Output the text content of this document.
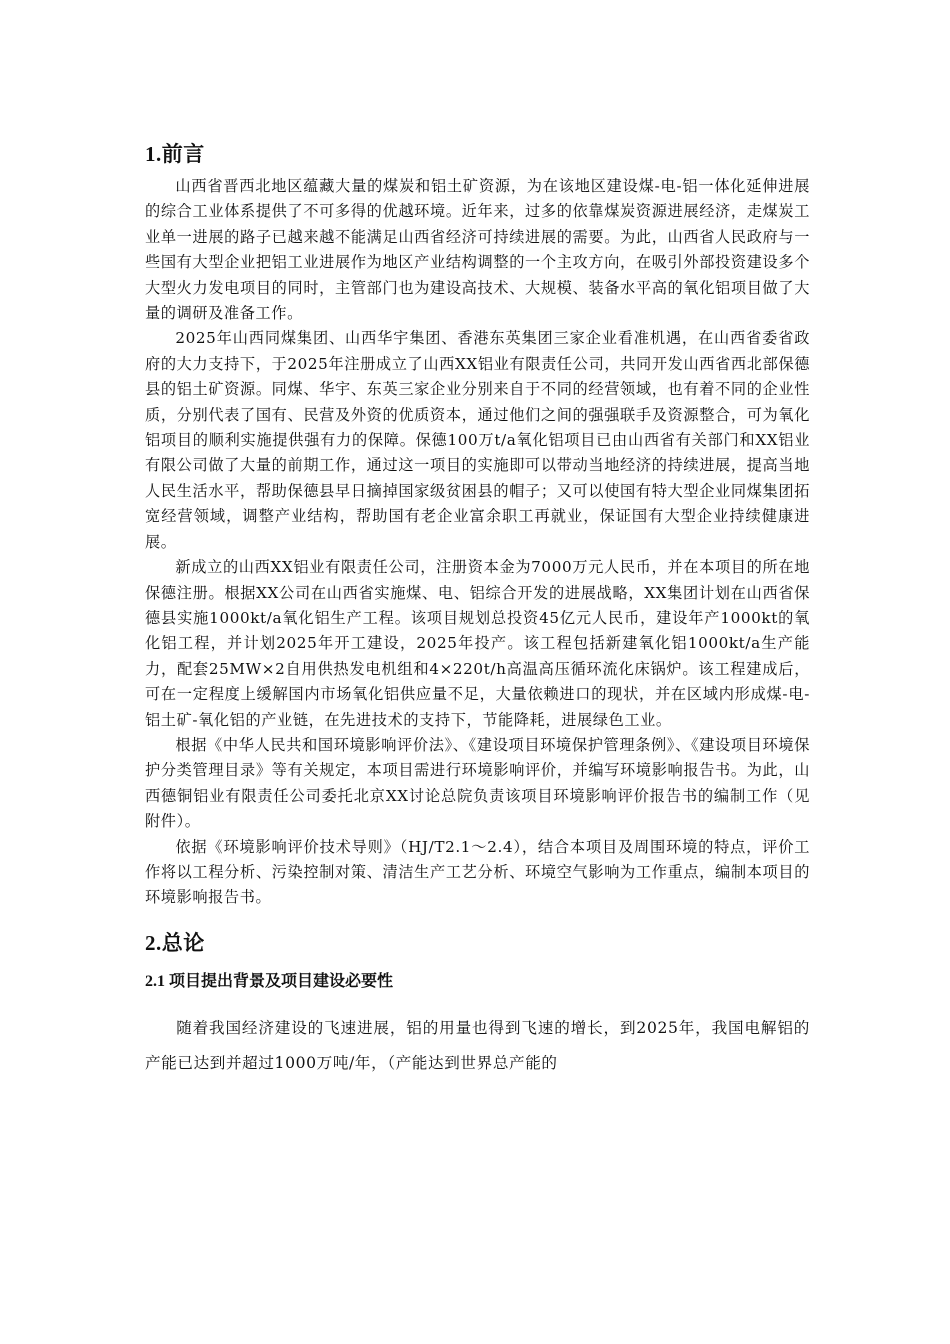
1.前言

山西省晋西北地区蕴藏大量的煤炭和铝土矿资源，为在该地区建设煤-电-铝一体化延伸进展的综合工业体系提供了不可多得的优越环境。近年来，过多的依靠煤炭资源进展经济，走煤炭工业单一进展的路子已越来越不能满足山西省经济可持续进展的需要。为此，山西省人民政府与一些国有大型企业把铝工业进展作为地区产业结构调整的一个主攻方向，在吸引外部投资建设多个大型火力发电项目的同时，主管部门也为建设高技术、大规模、装备水平高的氧化铝项目做了大量的调研及准备工作。

2025年山西同煤集团、山西华宇集团、香港东英集团三家企业看准机遇，在山西省委省政府的大力支持下，于2025年注册成立了山西XX铝业有限责任公司，共同开发山西省西北部保德县的铝土矿资源。同煤、华宇、东英三家企业分别来自于不同的经营领域，也有着不同的企业性质，分别代表了国有、民营及外资的优质资本，通过他们之间的强强联手及资源整合，可为氧化铝项目的顺利实施提供强有力的保障。保德100万t/a氧化铝项目已由山西省有关部门和XX铝业有限公司做了大量的前期工作，通过这一项目的实施即可以带动当地经济的持续进展，提高当地人民生活水平，帮助保德县早日摘掉国家级贫困县的帽子；又可以使国有特大型企业同煤集团拓宽经营领域，调整产业结构，帮助国有老企业富余职工再就业，保证国有大型企业持续健康进展。

新成立的山西XX铝业有限责任公司，注册资本金为7000万元人民币，并在本项目的所在地保德注册。根据XX公司在山西省实施煤、电、铝综合开发的进展战略，XX集团计划在山西省保德县实施1000kt/a氧化铝生产工程。该项目规划总投资45亿元人民币，建设年产1000kt的氧化铝工程，并计划2025年开工建设，2025年投产。该工程包括新建氧化铝1000kt/a生产能力，配套25MW×2自用供热发电机组和4×220t/h高温高压循环流化床锅炉。该工程建成后，可在一定程度上缓解国内市场氧化铝供应量不足，大量依赖进口的现状，并在区域内形成煤-电-铝土矿-氧化铝的产业链，在先进技术的支持下，节能降耗，进展绿色工业。

根据《中华人民共和国环境影响评价法》、《建设项目环境保护管理条例》、《建设项目环境保护分类管理目录》等有关规定，本项目需进行环境影响评价，并编写环境影响报告书。为此，山西德铜铝业有限责任公司委托北京XX讨论总院负责该项目环境影响评价报告书的编制工作（见附件）。

依据《环境影响评价技术导则》（HJ/T2.1～2.4），结合本项目及周围环境的特点，评价工作将以工程分析、污染控制对策、清洁生产工艺分析、环境空气影响为工作重点，编制本项目的环境影响报告书。

2.总论
2.1 项目提出背景及项目建设必要性

随着我国经济建设的飞速进展，铝的用量也得到飞速的增长，到2025年，我国电解铝的产能已达到并超过1000万吨/年，（产能达到世界总产能的
